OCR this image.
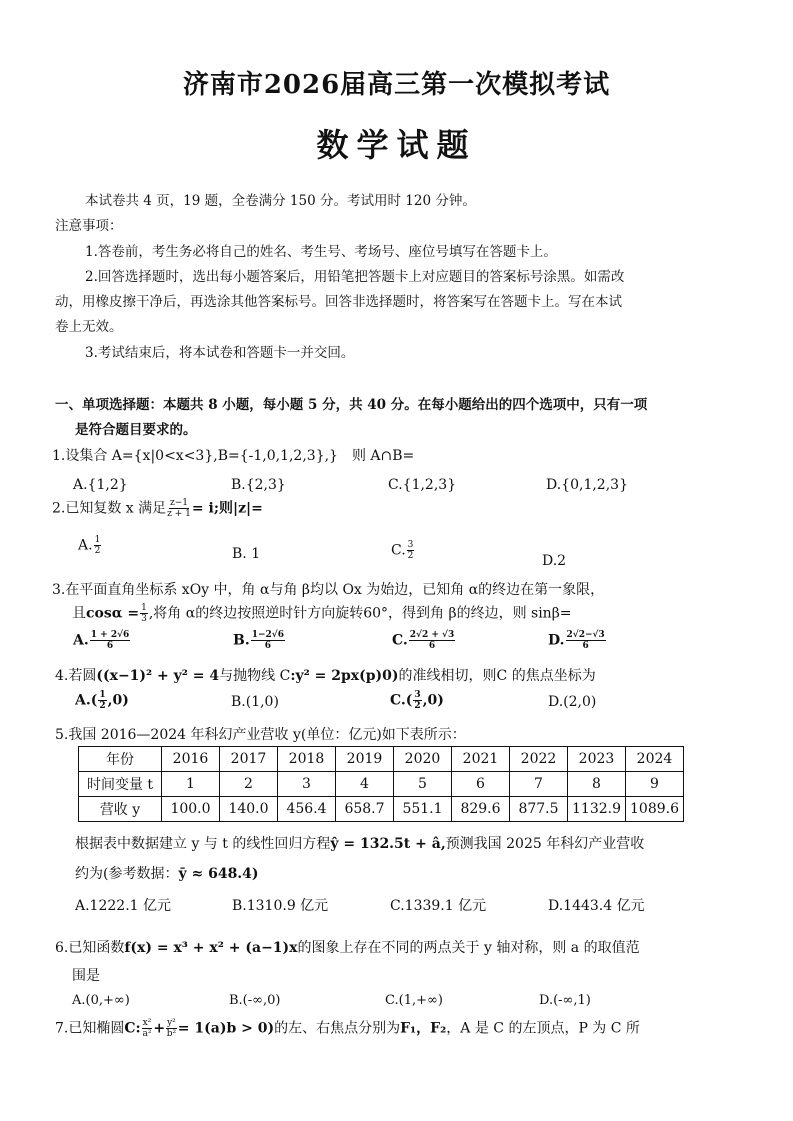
济南市2026届高三第一次模拟考试
数学试题
本试卷共 4 页，19 题，全卷满分 150 分。考试用时 120 分钟。
注意事项：
1.答卷前，考生务必将自己的姓名、考生号、考场号、座位号填写在答题卡上。
2.回答选择题时，选出每小题答案后，用铅笔把答题卡上对应题目的答案标号涂黑。如需改
动，用橡皮擦干净后，再选涂其他答案标号。回答非选择题时，将答案写在答题卡上。写在本试
卷上无效。
3.考试结束后，将本试卷和答题卡一并交回。
一、单项选择题：本题共 8 小题，每小题 5 分，共 40 分。在每小题给出的四个选项中，只有一项
是符合题目要求的。
1.设集合 A={x|0<x<3},B={-1,0,1,2,3},}　则 A∩B=
A.{1,2}	B.{2,3}	C.{1,2,3}	D.{0,1,2,3}
2.已知复数 x 满足 $\frac{z-1}{z + 1} = i$;则|z|=
A. $\frac{1}{2}$	B. 1	C. $\frac{3}{2}$	D.2
3.在平面直角坐标系 xOy 中，角 α与角 β均以 Ox 为始边，已知角 α的终边在第一象限，
且$\cos\alpha = \frac{1}{3}$ ,将角 α的终边按照逆时针方向旋转60°，得到角 β的终边，则 sinβ=
A. $\frac{1 + 2√6}{6}$	B. $\frac{1-2√6}{6}$	C. $\frac{2√2 + √3}{6}$	D. $\frac{2√2-√3}{6}$
4.若圆((x−1)² + y² = 4与抛物线 C:y² = 2px(p)0)的准线相切，则C 的焦点坐标为
$A.( \frac{1}{2} ,0)$	B.(1,0)	$C.( \frac{3}{2} ,0)$	D.(2,0)
5.我国 2016—2024 年科幻产业营收 y(单位：亿元)如下表所示：
年份	2016	2017	2018	2019	2020	2021	2022	2023	2024
时间变量 t	1	2	3	4	5	6	7	8	9
营收 y	100.0	140.0	456.4	658.7	551.1	829.6	877.5	1132.9	1089.6
根据表中数据建立 y 与 t 的线性回归方程ŷ = 132.5t + â,预测我国 2025 年科幻产业营收
约为(参考数据：ȳ ≈ 648.4)
A.1222.1 亿元	B.1310.9 亿元	C.1339.1 亿元	D.1443.4 亿元
6.已知函数f(x) = x³ + x² + (a−1)x的图象上存在不同的两点关于 y 轴对称，则 a 的取值范
围是
A.(0,+∞)	B.(-∞,0)	C.(1,+∞)	D.(-∞,1)
7.已知椭圆C: $\frac{\text{x²}}{\text{a²}} + \frac{\text{y²}}{\text{b²}} = 1(a)b > 0$)的左、右焦点分别为F₁，F₂，A 是 C 的左顶点，P 为 C 所
